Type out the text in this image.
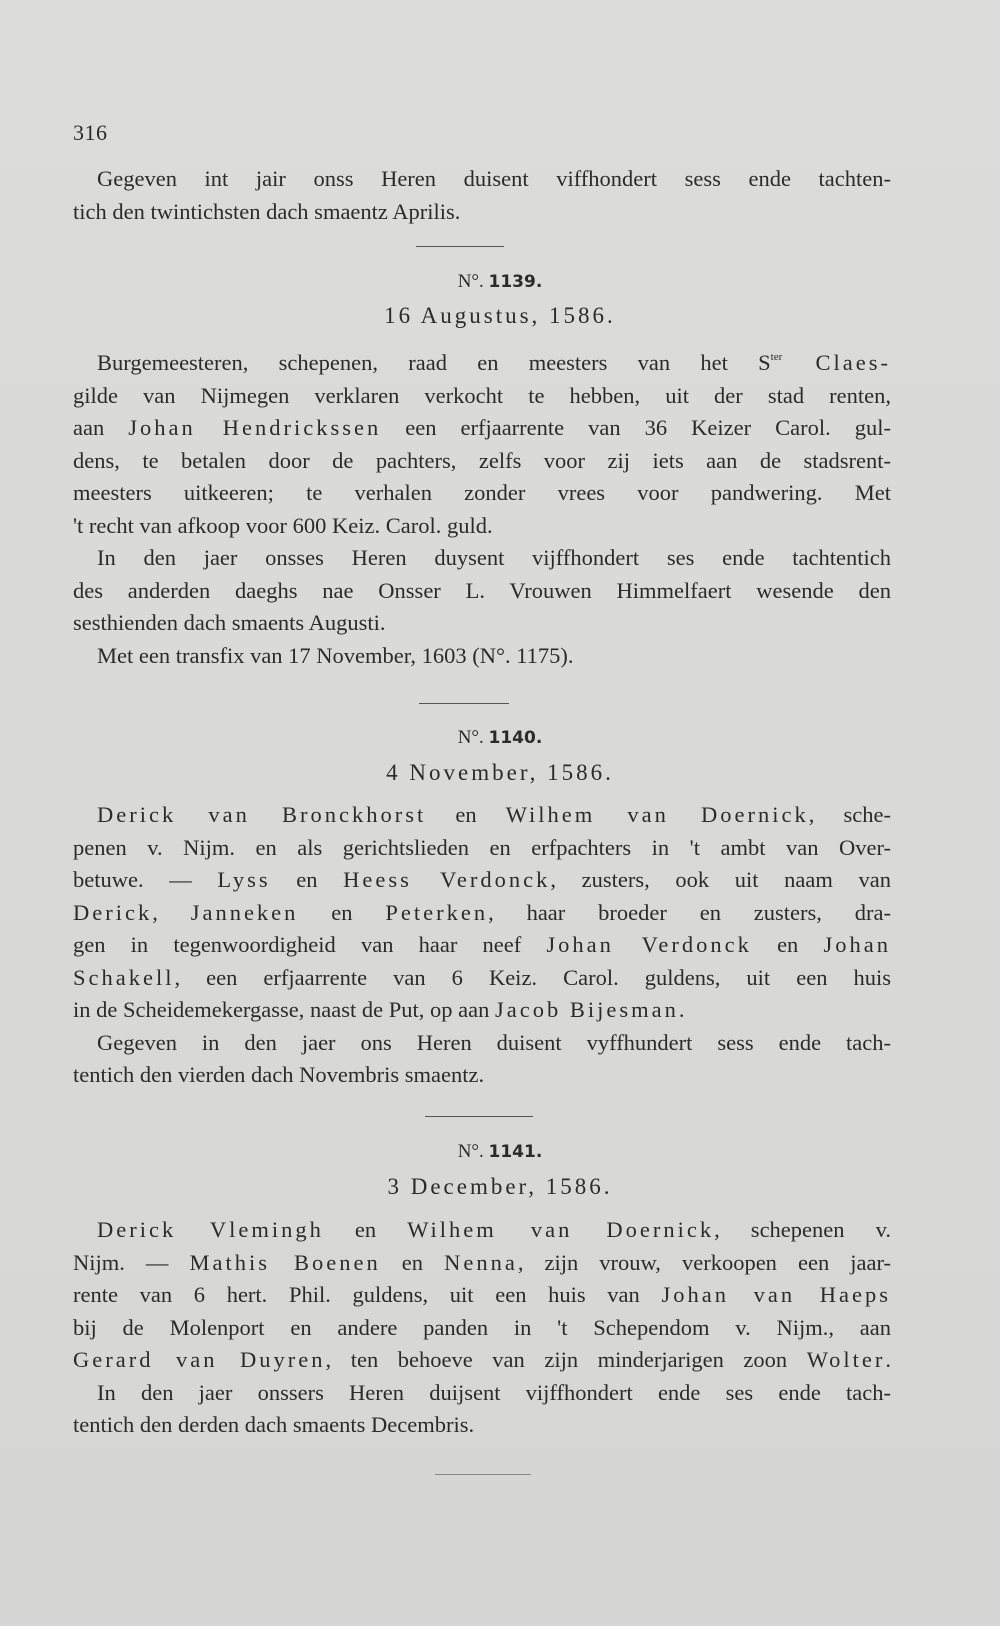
316
Gegeven int jair onss Heren duisent viffhondert sess ende tachten-
tich den twintichsten dach smaentz Aprilis.
N°. 1139.
16 Augustus, 1586.
Burgemeesteren, schepenen, raad en meesters van het $S^{ter}$ Claes-
gilde van Nijmegen verklaren verkocht te hebben, uit der stad renten,
aan Johan Hendrickssen een erfjaarrente van 36 Keizer Carol. gul-
dens, te betalen door de pachters, zelfs voor zij iets aan de stadsrent-
meesters uitkeeren; te verhalen zonder vrees voor pandwering. Met
't recht van afkoop voor 600 Keiz. Carol. guld.
In den jaer onsses Heren duysent vijffhondert ses ende tachtentich
des anderden daeghs nae Onsser L. Vrouwen Himmelfaert wesende den
sesthienden dach smaents Augusti.
Met een transfix van 17 November, 1603 (N°. 1175).
N°. 1140.
4 November, 1586.
Derick van Bronckhorst en Wilhem van Doernick, sche-
penen v. Nijm. en als gerichtslieden en erfpachters in 't ambt van Over-
betuwe. — Lyss en Heess Verdonck, zusters, ook uit naam van
Derick, Janneken en Peterken, haar broeder en zusters, dra-
gen in tegenwoordigheid van haar neef Johan Verdonck en Johan
Schakell, een erfjaarrente van 6 Keiz. Carol. guldens, uit een huis
in de Scheidemekergasse, naast de Put, op aan Jacob Bijesman.
Gegeven in den jaer ons Heren duisent vyffhundert sess ende tach-
tentich den vierden dach Novembris smaentz.
N°. 1141.
3 December, 1586.
Derick Vlemingh en Wilhem van Doernick, schepenen v.
Nijm. — Mathis Boenen en Nenna, zijn vrouw, verkoopen een jaar-
rente van 6 hert. Phil. guldens, uit een huis van Johan van Haeps
bij de Molenport en andere panden in 't Schependom v. Nijm., aan
Gerard van Duyren, ten behoeve van zijn minderjarigen zoon Wolter.
In den jaer onssers Heren duijsent vijffhondert ende ses ende tach-
tentich den derden dach smaents Decembris.
